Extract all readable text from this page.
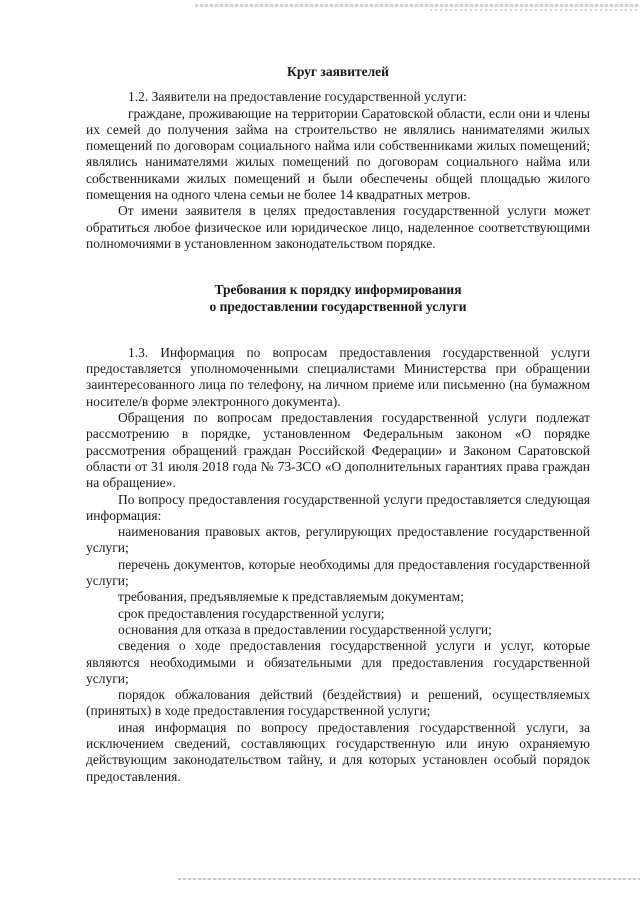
Круг заявителей

1.2. Заявители на предоставление государственной услуги:

граждане, проживающие на территории Саратовской области, если они и члены их семей до получения займа на строительство не являлись нанимателями жилых помещений по договорам социального найма или собственниками жилых помещений; являлись нанимателями жилых помещений по договорам социального найма или собственниками жилых помещений и были обеспечены общей площадью жилого помещения на одного члена семьи не более 14 квадратных метров.

От имени заявителя в целях предоставления государственной услуги может обратиться любое физическое или юридическое лицо, наделенное соответствующими полномочиями в установленном законодательством порядке.

Требования к порядку информирования
о предоставлении государственной услуги

1.3. Информация по вопросам предоставления государственной услуги предоставляется уполномоченными специалистами Министерства при обращении заинтересованного лица по телефону, на личном приеме или письменно (на бумажном носителе/в форме электронного документа).

Обращения по вопросам предоставления государственной услуги подлежат рассмотрению в порядке, установленном Федеральным законом «О порядке рассмотрения обращений граждан Российской Федерации» и Законом Саратовской области от 31 июля 2018 года № 73-ЗСО «О дополнительных гарантиях права граждан на обращение».

По вопросу предоставления государственной услуги предоставляется следующая информация:

наименования правовых актов, регулирующих предоставление государственной услуги;

перечень документов, которые необходимы для предоставления государственной услуги;

требования, предъявляемые к представляемым документам;

срок предоставления государственной услуги;

основания для отказа в предоставлении государственной услуги;

сведения о ходе предоставления государственной услуги и услуг, которые являются необходимыми и обязательными для предоставления государственной услуги;

порядок обжалования действий (бездействия) и решений, осуществляемых (принятых) в ходе предоставления государственной услуги;

иная информация по вопросу предоставления государственной услуги, за исключением сведений, составляющих государственную или иную охраняемую действующим законодательством тайну, и для которых установлен особый порядок предоставления.
